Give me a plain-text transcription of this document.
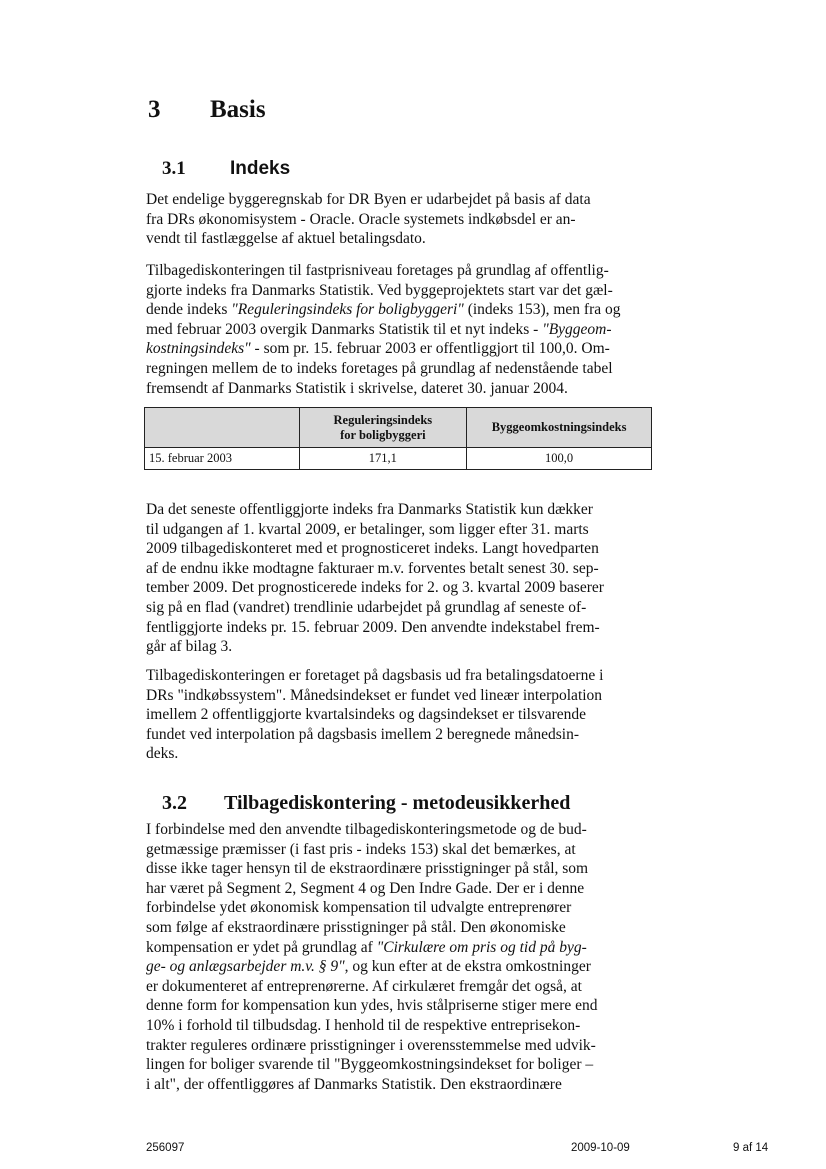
3 Basis
3.1 Indeks

Det endelige byggeregnskab for DR Byen er udarbejdet på basis af data
fra DRs økonomisystem - Oracle. Oracle systemets indkøbsdel er an-
vendt til fastlæggelse af aktuel betalingsdato.

Tilbagediskonteringen til fastprisniveau foretages på grundlag af offentlig-
gjorte indeks fra Danmarks Statistik. Ved byggeprojektets start var det gæl-
dende indeks "Reguleringsindeks for boligbyggeri" (indeks 153), men fra og
med februar 2003 overgik Danmarks Statistik til et nyt indeks - "Byggeom-
kostningsindeks" - som pr. 15. februar 2003 er offentliggjort til 100,0. Om-
regningen mellem de to indeks foretages på grundlag af nedenstående tabel
fremsendt af Danmarks Statistik i skrivelse, dateret 30. januar 2004.

	Reguleringsindeks
for boligbyggeri	Byggeomkostningsindeks
15. februar 2003	171,1	100,0

Da det seneste offentliggjorte indeks fra Danmarks Statistik kun dækker
til udgangen af 1. kvartal 2009, er betalinger, som ligger efter 31. marts
2009 tilbagediskonteret med et prognosticeret indeks. Langt hovedparten
af de endnu ikke modtagne fakturaer m.v. forventes betalt senest 30. sep-
tember 2009. Det prognosticerede indeks for 2. og 3. kvartal 2009 baserer
sig på en flad (vandret) trendlinie udarbejdet på grundlag af seneste of-
fentliggjorte indeks pr. 15. februar 2009. Den anvendte indekstabel frem-
går af bilag 3.

Tilbagediskonteringen er foretaget på dagsbasis ud fra betalingsdatoerne i
DRs "indkøbssystem". Månedsindekset er fundet ved lineær interpolation
imellem 2 offentliggjorte kvartalsindeks og dagsindekset er tilsvarende
fundet ved interpolation på dagsbasis imellem 2 beregnede månedsin-
deks.

3.2 Tilbagediskontering - metodeusikkerhed

I forbindelse med den anvendte tilbagediskonteringsmetode og de bud-
getmæssige præmisser (i fast pris - indeks 153) skal det bemærkes, at
disse ikke tager hensyn til de ekstraordinære prisstigninger på stål, som
har været på Segment 2, Segment 4 og Den Indre Gade. Der er i denne
forbindelse ydet økonomisk kompensation til udvalgte entreprenører
som følge af ekstraordinære prisstigninger på stål. Den økonomiske
kompensation er ydet på grundlag af "Cirkulære om pris og tid på byg-
ge- og anlægsarbejder m.v. § 9", og kun efter at de ekstra omkostninger
er dokumenteret af entreprenørerne. Af cirkulæret fremgår det også, at
denne form for kompensation kun ydes, hvis stålpriserne stiger mere end
10% i forhold til tilbudsdag. I henhold til de respektive entreprisekon-
trakter reguleres ordinære prisstigninger i overensstemmelse med udvik-
lingen for boliger svarende til "Byggeomkostningsindekset for boliger –
i alt", der offentliggøres af Danmarks Statistik. Den ekstraordinære

256097	2009-10-09	9 af 14
